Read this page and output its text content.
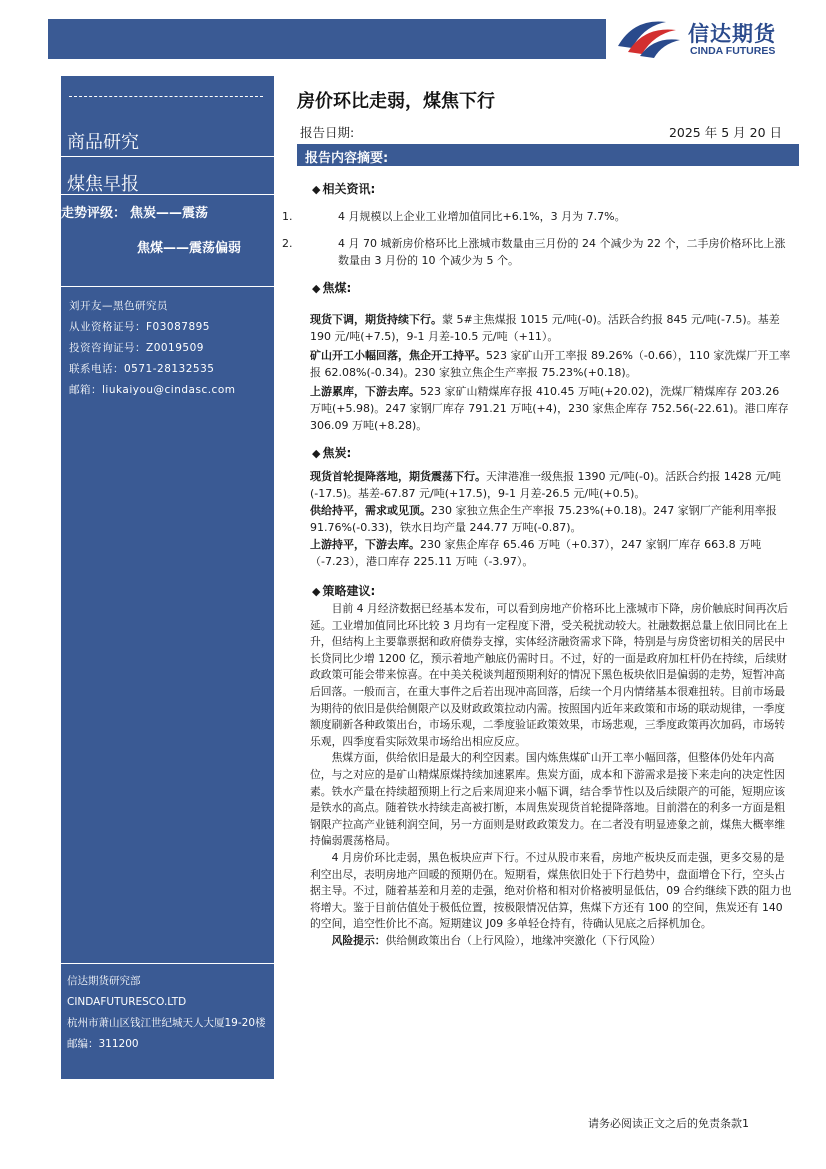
信达期货
CINDA FUTURES
商品研究
煤焦早报
走势评级： 焦炭——震荡
焦煤——震荡偏弱
刘开友—黑色研究员
从业资格证号：F03087895
投资咨询证号：Z0019509
联系电话：0571-28132535
邮箱：liukaiyou@cindasc.com
信达期货研究部
CINDAFUTURESCO.LTD
杭州市萧山区钱江世纪城天人大厦19-20楼
邮编：311200
房价环比走弱，煤焦下行
报告日期:	2025 年 5 月 20 日
报告内容摘要:
◆ 相关资讯:
1.	4 月规模以上企业工业增加值同比+6.1%，3 月为 7.7%。
2.	4 月 70 城新房价格环比上涨城市数量由三月份的 24 个减少为 22 个，二手房价格环比上涨数量由 3 月份的 10 个减少为 5 个。
◆ 焦煤:
现货下调，期货持续下行。蒙 5#主焦煤报 1015 元/吨(-0)。活跃合约报 845 元/吨(-7.5)。基差 190 元/吨(+7.5)，9-1 月差-10.5 元/吨（+11）。
矿山开工小幅回落，焦企开工持平。523 家矿山开工率报 89.26%（-0.66），110 家洗煤厂开工率报 62.08%(-0.34)。230 家独立焦企生产率报 75.23%(+0.18)。
上游累库，下游去库。523 家矿山精煤库存报 410.45 万吨(+20.02)，洗煤厂精煤库存 203.26 万吨(+5.98)。247 家钢厂库存 791.21 万吨(+4)，230 家焦企库存 752.56(-22.61)。港口库存 306.09 万吨(+8.28)。
◆ 焦炭:
现货首轮提降落地，期货震荡下行。天津港准一级焦报 1390 元/吨(-0)。活跃合约报 1428 元/吨(-17.5)。基差-67.87 元/吨(+17.5)，9-1 月差-26.5 元/吨(+0.5)。
供给持平，需求或见顶。230 家独立焦企生产率报 75.23%(+0.18)。247 家钢厂产能利用率报 91.76%(-0.33)，铁水日均产量 244.77 万吨(-0.87)。
上游持平，下游去库。230 家焦企库存 65.46 万吨（+0.37），247 家钢厂库存 663.8 万吨（-7.23），港口库存 225.11 万吨（-3.97）。
◆ 策略建议:
目前 4 月经济数据已经基本发布，可以看到房地产价格环比上涨城市下降，房价触底时间再次后延。工业增加值同比环比较 3 月均有一定程度下滑，受关税扰动较大。社融数据总量上依旧同比在上升，但结构上主要靠票据和政府债券支撑，实体经济融资需求下降，特别是与房贷密切相关的居民中长贷同比少增 1200 亿，预示着地产触底仍需时日。不过，好的一面是政府加杠杆仍在持续，后续财政政策可能会带来惊喜。在中美关税谈判超预期利好的情况下黑色板块依旧是偏弱的走势，短暂冲高后回落。一般而言，在重大事件之后若出现冲高回落，后续一个月内情绪基本很难扭转。目前市场最为期待的依旧是供给侧限产以及财政政策拉动内需。按照国内近年来政策和市场的联动规律，一季度额度刷新各种政策出台，市场乐观，二季度验证政策效果，市场悲观，三季度政策再次加码，市场转乐观，四季度看实际效果市场给出相应反应。
焦煤方面，供给依旧是最大的利空因素。国内炼焦煤矿山开工率小幅回落，但整体仍处年内高位，与之对应的是矿山精煤原煤持续加速累库。焦炭方面，成本和下游需求是接下来走向的决定性因素。铁水产量在持续超预期上行之后来周迎来小幅下调，结合季节性以及后续限产的可能，短期应该是铁水的高点。随着铁水持续走高被打断，本周焦炭现货首轮提降落地。目前潜在的利多一方面是粗钢限产拉高产业链利润空间，另一方面则是财政政策发力。在二者没有明显迹象之前，煤焦大概率维持偏弱震荡格局。
4 月房价环比走弱，黑色板块应声下行。不过从股市来看，房地产板块反而走强，更多交易的是利空出尽，表明房地产回暖的预期仍在。短期看，煤焦依旧处于下行趋势中，盘面增仓下行，空头占据主导。不过，随着基差和月差的走强，绝对价格和相对价格被明显低估，09 合约继续下跌的阻力也将增大。鉴于目前估值处于极低位置，按极限情况估算，焦煤下方还有 100 的空间，焦炭还有 140 的空间，追空性价比不高。短期建议 J09 多单轻仓持有，待确认见底之后择机加仓。
风险提示：供给侧政策出台（上行风险），地缘冲突激化（下行风险）
请务必阅读正文之后的免责条款1
